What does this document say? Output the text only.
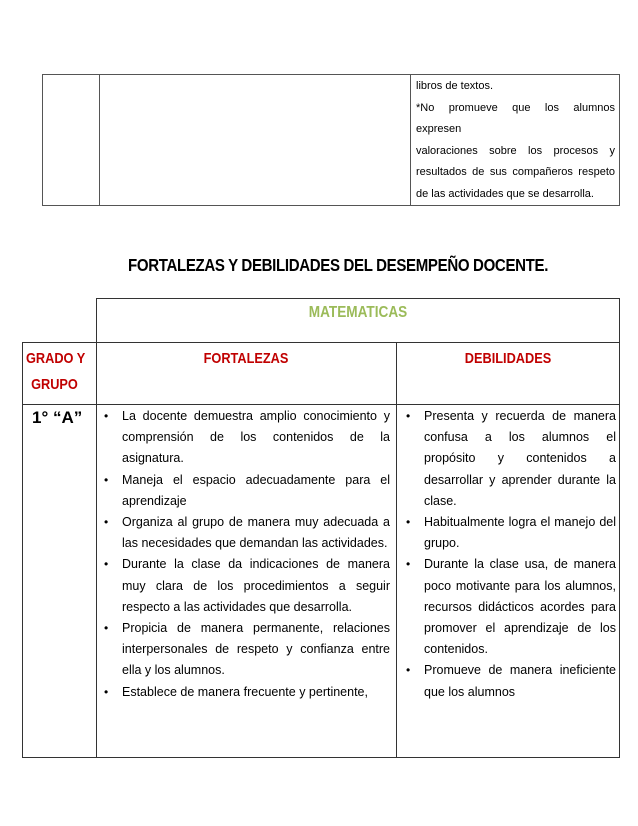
libros de textos.

*No promueve que los alumnos expresen

valoraciones sobre los procesos y

resultados de sus compañeros respeto

de las actividades que se desarrolla.

FORTALEZAS Y DEBILIDADES DEL DESEMPEÑO DOCENTE.
MATEMATICAS
GRADO Y
GRUPO
FORTALEZAS	DEBILIDADES
1° “A”
•	La docente demuestra amplio conocimiento y comprensión de los contenidos de la asignatura.
• Maneja el espacio adecuadamente para el aprendizaje
• Organiza al grupo de manera muy adecuada a las necesidades que demandan las actividades.
• Durante la clase da indicaciones de manera muy clara de los procedimientos a seguir respecto a las actividades que desarrolla.
• Propicia de manera permanente, relaciones interpersonales de respeto y confianza entre ella y los alumnos.
• Establece de manera frecuente y pertinente,
• Presenta y recuerda de manera confusa a los alumnos el propósito y contenidos a desarrollar y aprender durante la clase.
• Habitualmente logra el manejo del grupo.
• Durante la clase usa, de manera poco motivante para los alumnos, recursos didácticos acordes para promover el aprendizaje de los contenidos.
• Promueve de manera ineficiente que los alumnos
